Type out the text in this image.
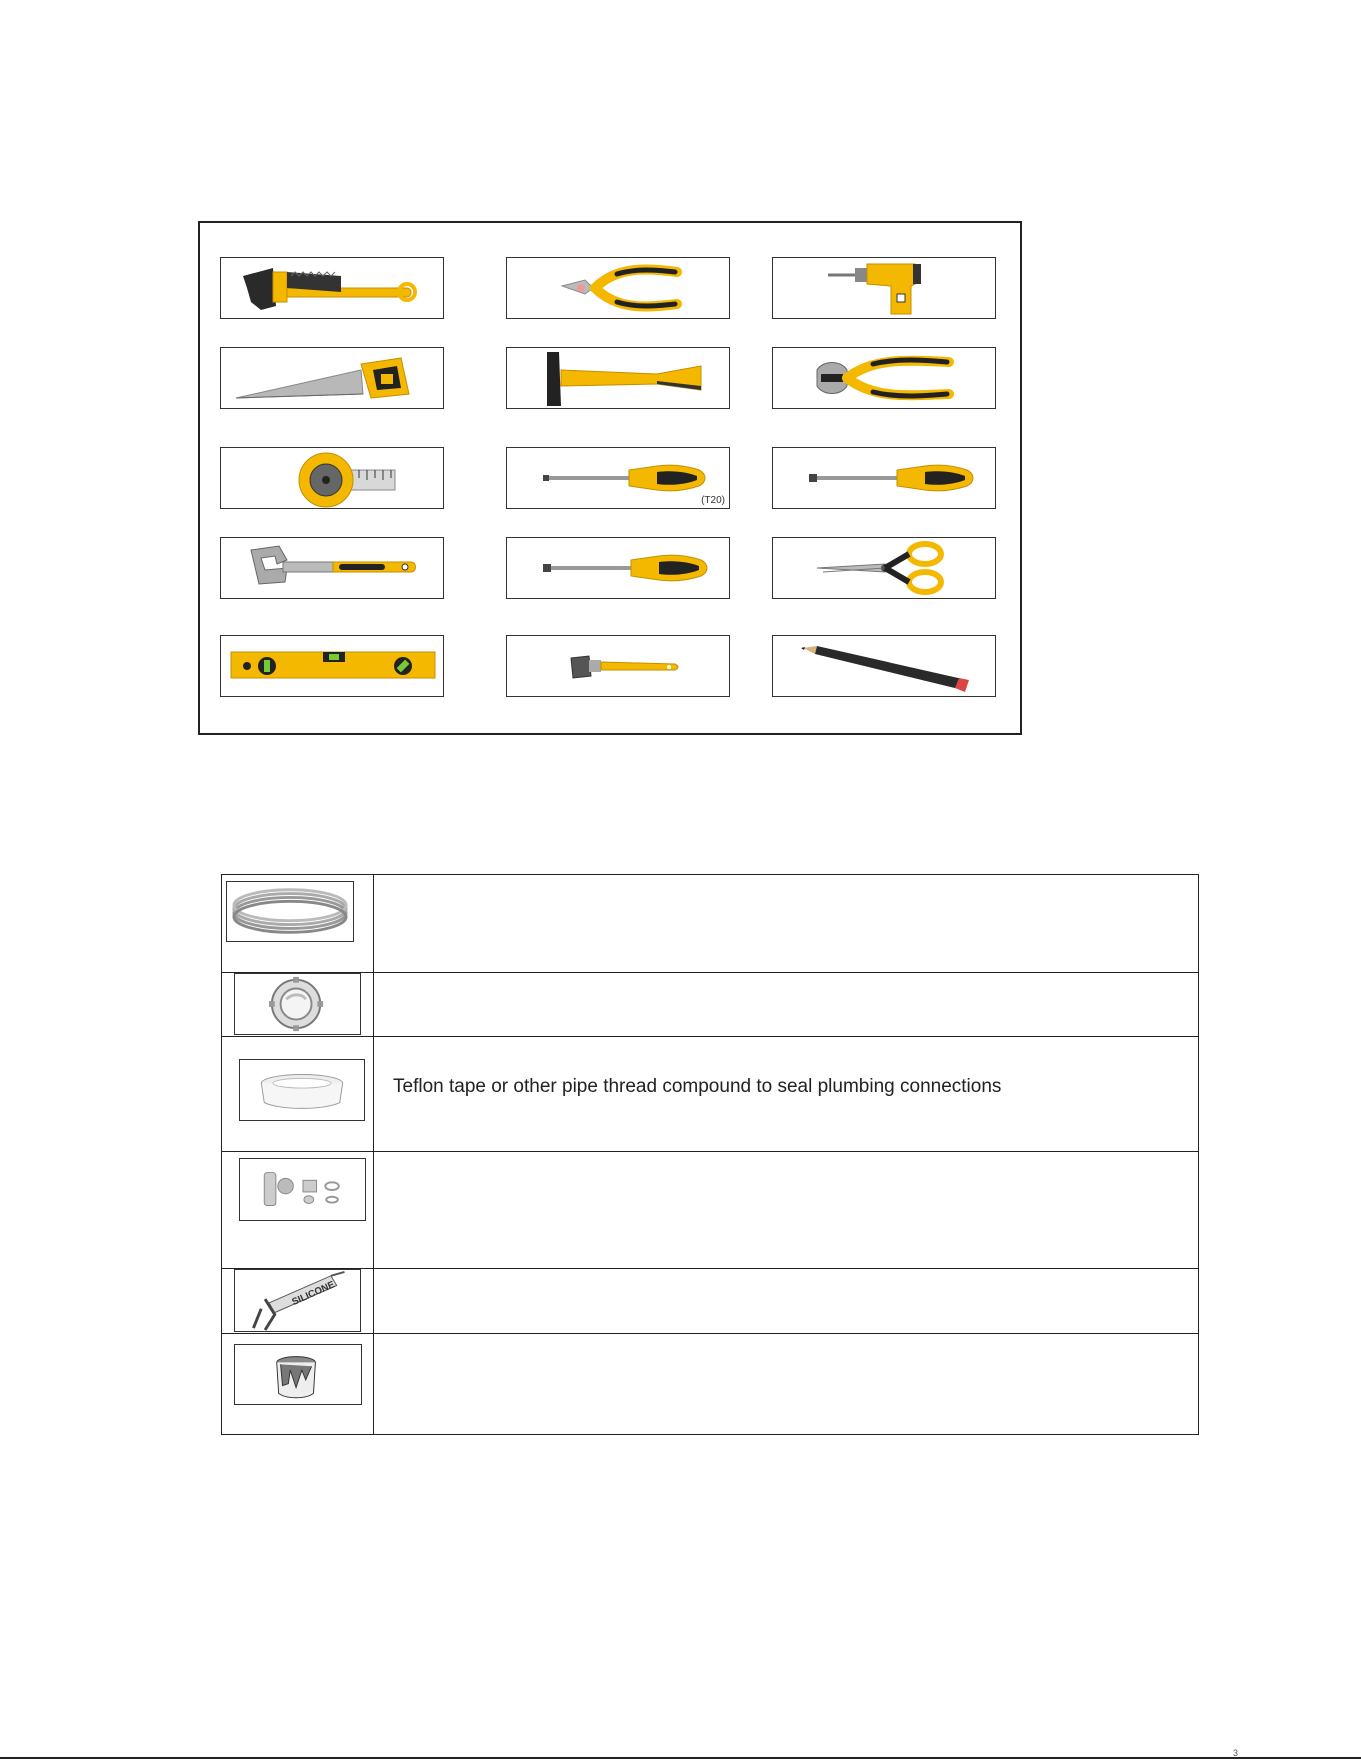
(T20)
Teflon tape or other pipe thread compound to seal plumbing connections
SILICONE
3
